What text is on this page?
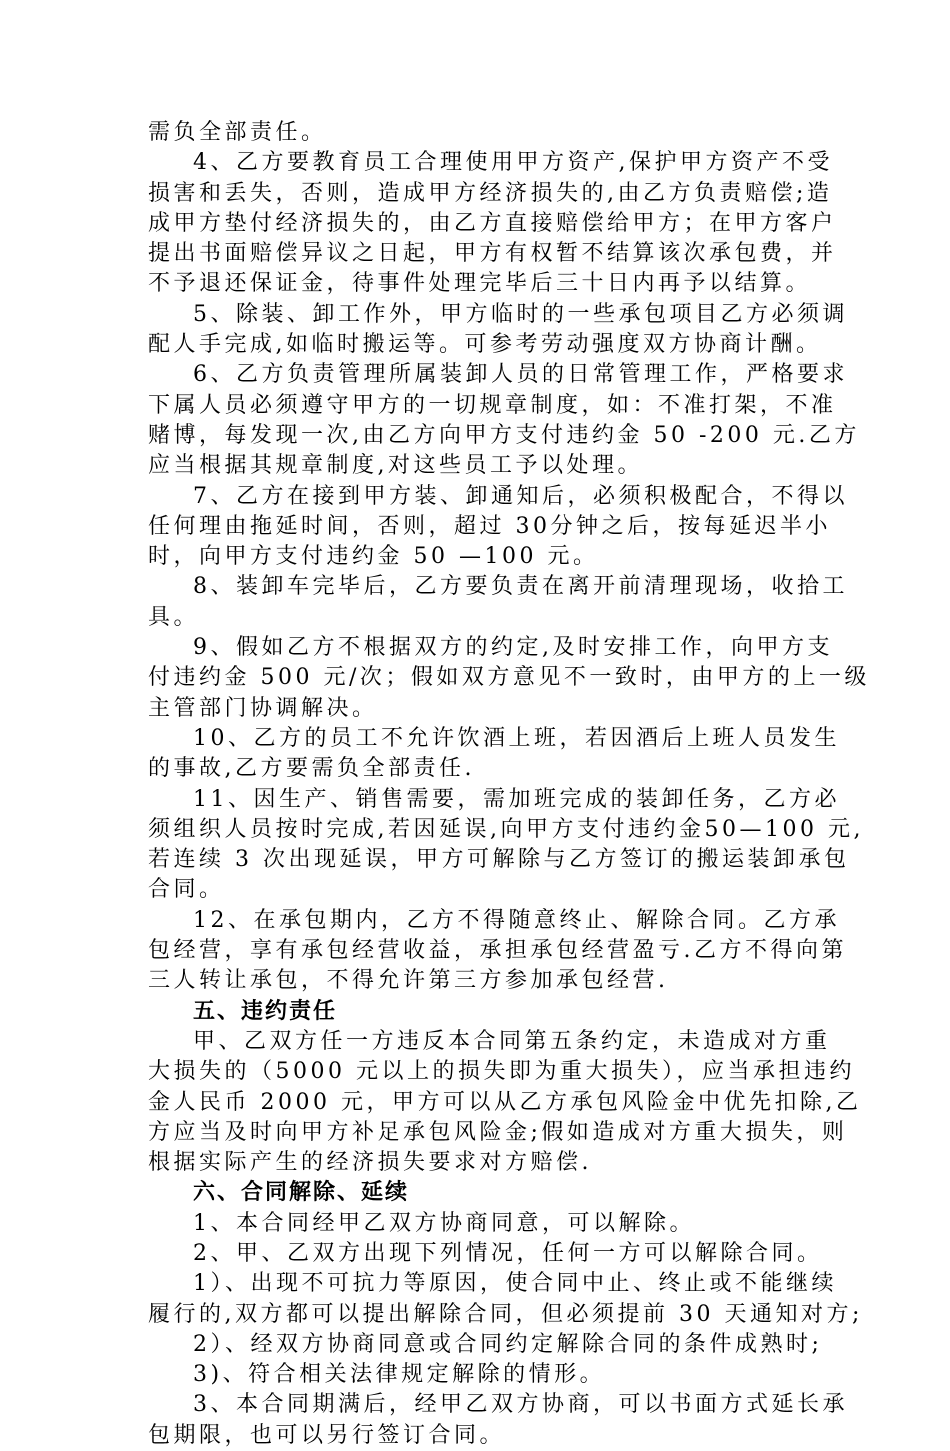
需负全部责任。
4、乙方要教育员工合理使用甲方资产,保护甲方资产不受
损害和丢失，否则，造成甲方经济损失的,由乙方负责赔偿;造
成甲方垫付经济损失的，由乙方直接赔偿给甲方；在甲方客户
提出书面赔偿异议之日起，甲方有权暂不结算该次承包费，并
不予退还保证金，待事件处理完毕后三十日内再予以结算。
5、除装、卸工作外，甲方临时的一些承包项目乙方必须调
配人手完成,如临时搬运等。可参考劳动强度双方协商计酬。
6、乙方负责管理所属装卸人员的日常管理工作，严格要求
下属人员必须遵守甲方的一切规章制度，如：不准打架，不准
赌博，每发现一次,由乙方向甲方支付违约金 50 -200 元.乙方
应当根据其规章制度,对这些员工予以处理。
7、乙方在接到甲方装、卸通知后，必须积极配合，不得以
任何理由拖延时间，否则，超过 30分钟之后，按每延迟半小
时，向甲方支付违约金 50 —100 元。
8、装卸车完毕后，乙方要负责在离开前清理现场，收拾工
具。
9、假如乙方不根据双方的约定,及时安排工作，向甲方支
付违约金 500 元/次；假如双方意见不一致时，由甲方的上一级
主管部门协调解决。
10、乙方的员工不允许饮酒上班，若因酒后上班人员发生
的事故,乙方要需负全部责任.
11、因生产、销售需要，需加班完成的装卸任务，乙方必
须组织人员按时完成,若因延误,向甲方支付违约金50—100 元,
若连续 3 次出现延误，甲方可解除与乙方签订的搬运装卸承包
合同。
12、在承包期内，乙方不得随意终止、解除合同。乙方承
包经营，享有承包经营收益，承担承包经营盈亏.乙方不得向第
三人转让承包，不得允许第三方参加承包经营.
五、违约责任
甲、乙双方任一方违反本合同第五条约定，未造成对方重
大损失的（5000 元以上的损失即为重大损失），应当承担违约
金人民币 2000 元，甲方可以从乙方承包风险金中优先扣除,乙
方应当及时向甲方补足承包风险金;假如造成对方重大损失，则
根据实际产生的经济损失要求对方赔偿.
六、合同解除、延续
1、本合同经甲乙双方协商同意，可以解除。
2、甲、乙双方出现下列情况，任何一方可以解除合同。
1）、出现不可抗力等原因，使合同中止、终止或不能继续
履行的,双方都可以提出解除合同，但必须提前 30 天通知对方;
2）、经双方协商同意或合同约定解除合同的条件成熟时;
3)、符合相关法律规定解除的情形。
3、本合同期满后，经甲乙双方协商，可以书面方式延长承
包期限，也可以另行签订合同。
